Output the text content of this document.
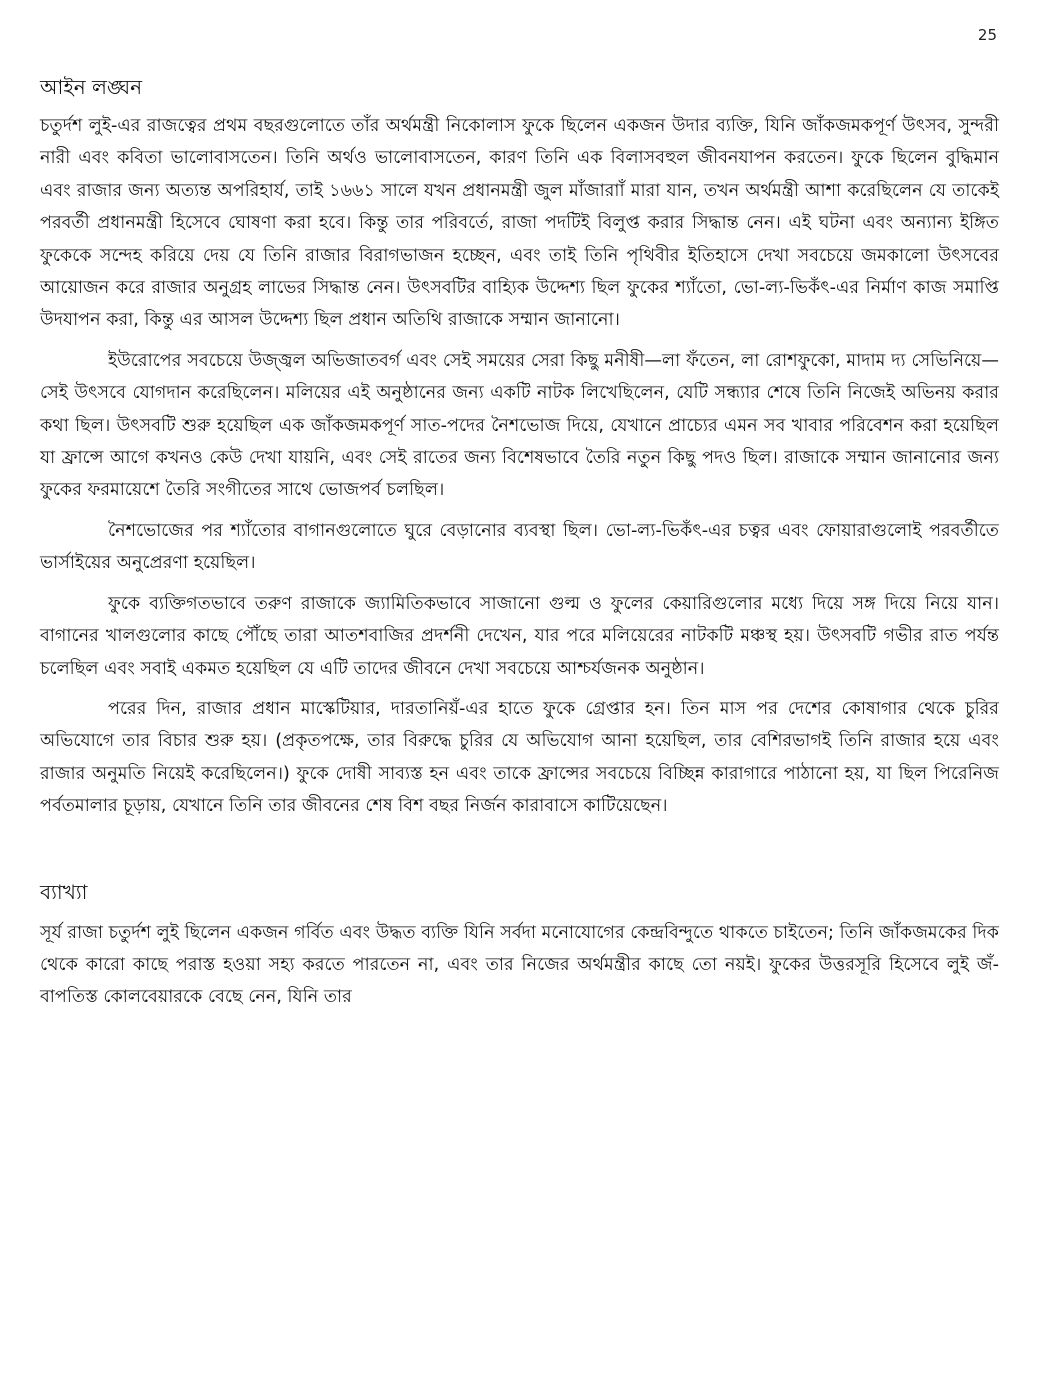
25
আইন লঙ্ঘন

চতুর্দশ লুই-এর রাজত্বের প্রথম বছরগুলোতে তাঁর অর্থমন্ত্রী নিকোলাস ফুকে ছিলেন একজন উদার ব্যক্তি, যিনি জাঁকজমকপূর্ণ উৎসব, সুন্দরী নারী এবং কবিতা ভালোবাসতেন। তিনি অর্থও ভালোবাসতেন, কারণ তিনি এক বিলাসবহুল জীবনযাপন করতেন। ফুকে ছিলেন বুদ্ধিমান এবং রাজার জন্য অত্যন্ত অপরিহার্য, তাই ১৬৬১ সালে যখন প্রধানমন্ত্রী জুল মাঁজারাাঁ মারা যান, তখন অর্থমন্ত্রী আশা করেছিলেন যে তাকেই পরবর্তী প্রধানমন্ত্রী হিসেবে ঘোষণা করা হবে। কিন্তু তার পরিবর্তে, রাজা পদটিই বিলুপ্ত করার সিদ্ধান্ত নেন। এই ঘটনা এবং অন্যান্য ইঙ্গিত ফুকেকে সন্দেহ করিয়ে দেয় যে তিনি রাজার বিরাগভাজন হচ্ছেন, এবং তাই তিনি পৃথিবীর ইতিহাসে দেখা সবচেয়ে জমকালো উৎসবের আয়োজন করে রাজার অনুগ্রহ লাভের সিদ্ধান্ত নেন। উৎসবটির বাহ্যিক উদ্দেশ্য ছিল ফুকের শ্যাঁতো, ভো-ল্য-ভিকঁৎ-এর নির্মাণ কাজ সমাপ্তি উদযাপন করা, কিন্তু এর আসল উদ্দেশ্য ছিল প্রধান অতিথি রাজাকে সম্মান জানানো।

ইউরোপের সবচেয়ে উজ্জ্বল অভিজাতবর্গ এবং সেই সময়ের সেরা কিছু মনীষী—লা ফঁতেন, লা রোশফুকো, মাদাম দ্য সেভিনিয়ে—সেই উৎসবে যোগদান করেছিলেন। মলিয়ের এই অনুষ্ঠানের জন্য একটি নাটক লিখেছিলেন, যেটি সন্ধ্যার শেষে তিনি নিজেই অভিনয় করার কথা ছিল। উৎসবটি শুরু হয়েছিল এক জাঁকজমকপূর্ণ সাত-পদের নৈশভোজ দিয়ে, যেখানে প্রাচ্যের এমন সব খাবার পরিবেশন করা হয়েছিল যা ফ্রান্সে আগে কখনও কেউ দেখা যায়নি, এবং সেই রাতের জন্য বিশেষভাবে তৈরি নতুন কিছু পদও ছিল। রাজাকে সম্মান জানানোর জন্য ফুকের ফরমায়েশে তৈরি সংগীতের সাথে ভোজপর্ব চলছিল।

নৈশভোজের পর শ্যাঁতোর বাগানগুলোতে ঘুরে বেড়ানোর ব্যবস্থা ছিল। ভো-ল্য-ভিকঁৎ-এর চত্বর এবং ফোয়ারাগুলোই পরবর্তীতে ভার্সাইয়ের অনুপ্রেরণা হয়েছিল।

ফুকে ব্যক্তিগতভাবে তরুণ রাজাকে জ্যামিতিকভাবে সাজানো গুল্ম ও ফুলের কেয়ারিগুলোর মধ্যে দিয়ে সঙ্গ দিয়ে নিয়ে যান। বাগানের খালগুলোর কাছে পৌঁছে তারা আতশবাজির প্রদর্শনী দেখেন, যার পরে মলিয়েরের নাটকটি মঞ্চস্থ হয়। উৎসবটি গভীর রাত পর্যন্ত চলেছিল এবং সবাই একমত হয়েছিল যে এটি তাদের জীবনে দেখা সবচেয়ে আশ্চর্যজনক অনুষ্ঠান।

পরের দিন, রাজার প্রধান মাস্কেটিয়ার, দারতানিয়ঁ-এর হাতে ফুকে গ্রেপ্তার হন। তিন মাস পর দেশের কোষাগার থেকে চুরির অভিযোগে তার বিচার শুরু হয়। (প্রকৃতপক্ষে, তার বিরুদ্ধে চুরির যে অভিযোগ আনা হয়েছিল, তার বেশিরভাগই তিনি রাজার হয়ে এবং রাজার অনুমতি নিয়েই করেছিলেন।) ফুকে দোষী সাব্যস্ত হন এবং তাকে ফ্রান্সের সবচেয়ে বিচ্ছিন্ন কারাগারে পাঠানো হয়, যা ছিল পিরেনিজ পর্বতমালার চূড়ায়, যেখানে তিনি তার জীবনের শেষ বিশ বছর নির্জন কারাবাসে কাটিয়েছেন।

ব্যাখ্যা

সূর্য রাজা চতুর্দশ লুই ছিলেন একজন গর্বিত এবং উদ্ধত ব্যক্তি যিনি সর্বদা মনোযোগের কেন্দ্রবিন্দুতে থাকতে চাইতেন; তিনি জাঁকজমকের দিক থেকে কারো কাছে পরাস্ত হওয়া সহ্য করতে পারতেন না, এবং তার নিজের অর্থমন্ত্রীর কাছে তো নয়ই। ফুকের উত্তরসূরি হিসেবে লুই জঁ-বাপতিস্ত কোলবেয়ারকে বেছে নেন, যিনি তার
